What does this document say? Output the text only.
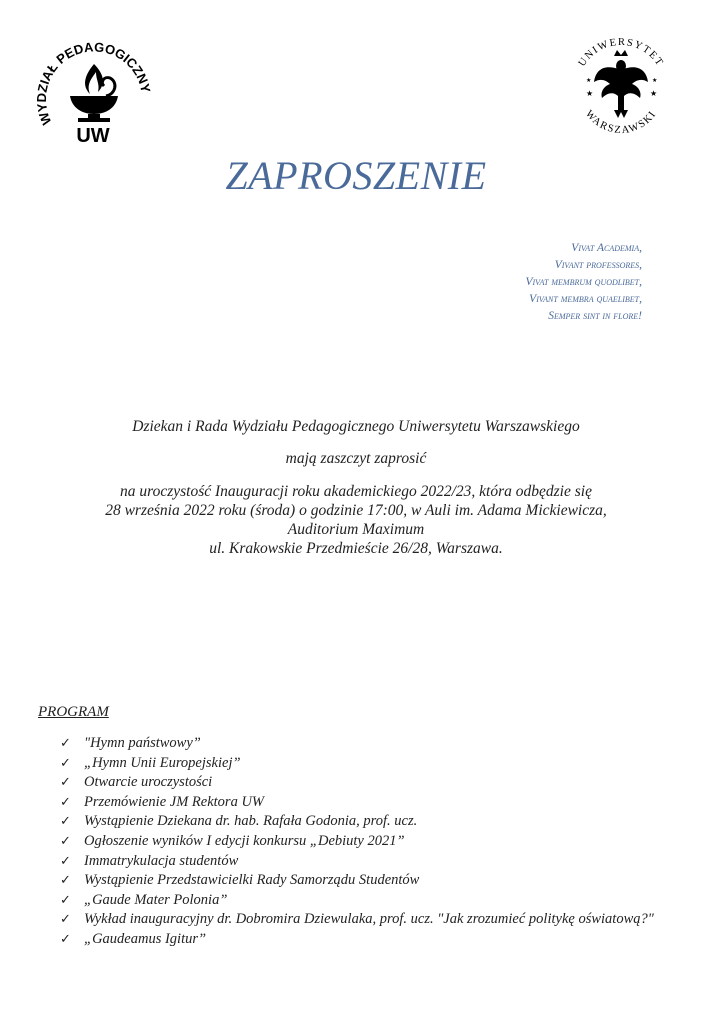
WYDZIAŁ PEDAGOGICZNY
UW
UNIWERSYTET
WARSZAWSKI
★	★
★	★
ZAPROSZENIE
Vivat Academia,
Vivant professores,
Vivat membrum quodlibet,
Vivant membra quaelibet,
Semper sint in flore!
Dziekan i Rada Wydziału Pedagogicznego Uniwersytetu Warszawskiego
mają zaszczyt zaprosić
na uroczystość Inauguracji roku akademickiego 2022/23, która odbędzie się
28 września 2022 roku (środa) o godzinie 17:00, w Auli im. Adama Mickiewicza,
Auditorium Maximum
ul. Krakowskie Przedmieście 26/28, Warszawa.
PROGRAM
✓ "Hymn państwowy”
✓ „Hymn Unii Europejskiej”
✓ Otwarcie uroczystości
✓ Przemówienie JM Rektora UW
✓ Wystąpienie Dziekana dr. hab. Rafała Godonia, prof. ucz.
✓ Ogłoszenie wyników I edycji konkursu „Debiuty 2021”
✓ Immatrykulacja studentów
✓ Wystąpienie Przedstawicielki Rady Samorządu Studentów
✓ „Gaude Mater Polonia”
✓ Wykład inauguracyjny dr. Dobromira Dziewulaka, prof. ucz. "Jak zrozumieć politykę oświatową?"
✓ „Gaudeamus Igitur”
